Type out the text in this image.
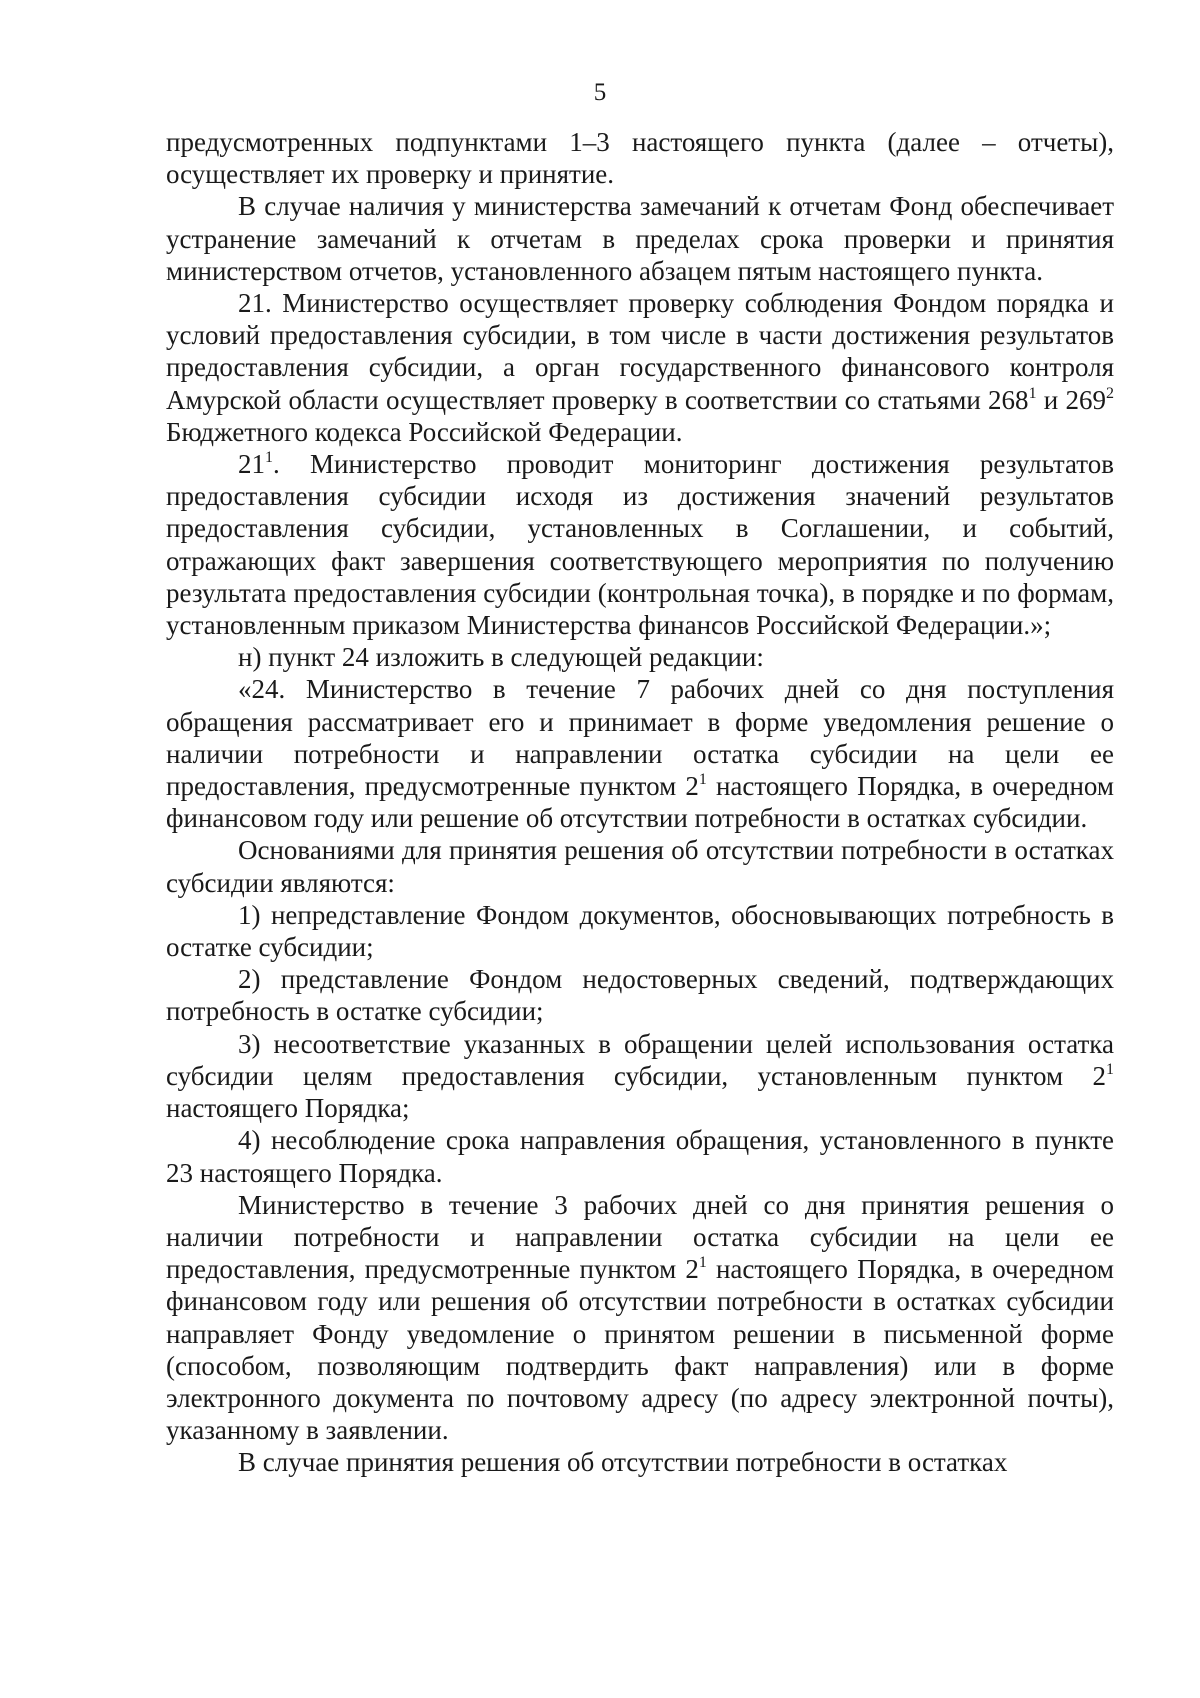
5

предусмотренных подпунктами 1–3 настоящего пункта (далее – отчеты), осуществляет их проверку и принятие.

В случае наличия у министерства замечаний к отчетам Фонд обеспечивает устранение замечаний к отчетам в пределах срока проверки и принятия министерством отчетов, установленного абзацем пятым настоящего пункта.

21. Министерство осуществляет проверку соблюдения Фондом порядка и условий предоставления субсидии, в том числе в части достижения результатов предоставления субсидии, а орган государственного финансового контроля Амурской области осуществляет проверку в соответствии со статьями $268^1$ и $269^2$ Бюджетного кодекса Российской Федерации.

$21^1$. Министерство проводит мониторинг достижения результатов предоставления субсидии исходя из достижения значений результатов предоставления субсидии, установленных в Соглашении, и событий, отражающих факт завершения соответствующего мероприятия по получению результата предоставления субсидии (контрольная точка), в порядке и по формам, установленным приказом Министерства финансов Российской Федерации.»;

н) пункт 24 изложить в следующей редакции:

«24. Министерство в течение 7 рабочих дней со дня поступления обращения рассматривает его и принимает в форме уведомления решение о наличии потребности и направлении остатка субсидии на цели ее предоставления, предусмотренные пунктом $2^1$ настоящего Порядка, в очередном финансовом году или решение об отсутствии потребности в остатках субсидии.

Основаниями для принятия решения об отсутствии потребности в остатках субсидии являются:

1) непредставление Фондом документов, обосновывающих потребность в остатке субсидии;

2) представление Фондом недостоверных сведений, подтверждающих потребность в остатке субсидии;

3) несоответствие указанных в обращении целей использования остатка субсидии целям предоставления субсидии, установленным пунктом $2^1$ настоящего Порядка;

4) несоблюдение срока направления обращения, установленного в пункте 23 настоящего Порядка.

Министерство в течение 3 рабочих дней со дня принятия решения о наличии потребности и направлении остатка субсидии на цели ее предоставления, предусмотренные пунктом $2^1$ настоящего Порядка, в очередном финансовом году или решения об отсутствии потребности в остатках субсидии направляет Фонду уведомление о принятом решении в письменной форме (способом, позволяющим подтвердить факт направления) или в форме электронного документа по почтовому адресу (по адресу электронной почты), указанному в заявлении.

В случае принятия решения об отсутствии потребности в остатках
